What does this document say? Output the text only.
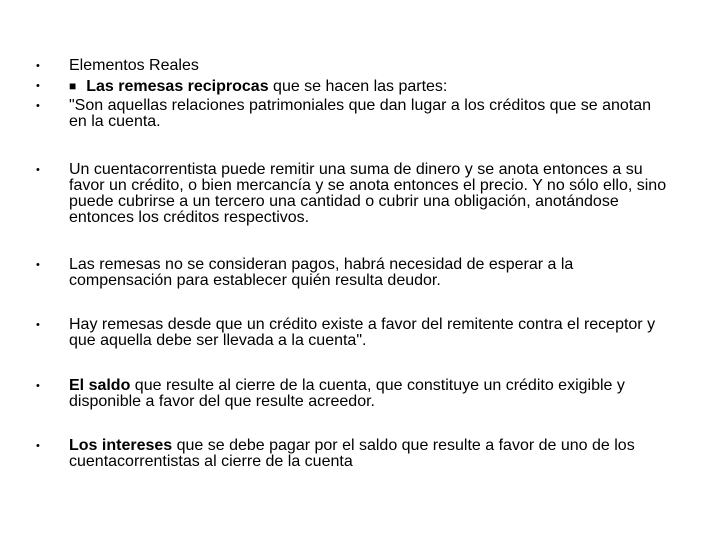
•	Elementos Reales
•	■ Las remesas reciprocas que se hacen las partes:
•	"Son aquellas relaciones patrimoniales que dan lugar a los créditos que se anotan en la cuenta.
•	Un cuentacorrentista puede remitir una suma de dinero y se anota entonces a su favor un crédito, o bien mercancía y se anota entonces el precio. Y no sólo ello, sino puede cubrirse a un tercero una cantidad o cubrir una obligación, anotándose entonces los créditos respectivos.
•	Las remesas no se consideran pagos, habrá necesidad de esperar a la compensación para establecer quién resulta deudor.
•	Hay remesas desde que un crédito existe a favor del remitente contra el receptor y que aquella debe ser llevada a la cuenta".
•	El saldo que resulte al cierre de la cuenta, que constituye un crédito exigible y disponible a favor del que resulte acreedor.
•	Los intereses que se debe pagar por el saldo que resulte a favor de uno de los cuentacorrentistas al cierre de la cuenta
